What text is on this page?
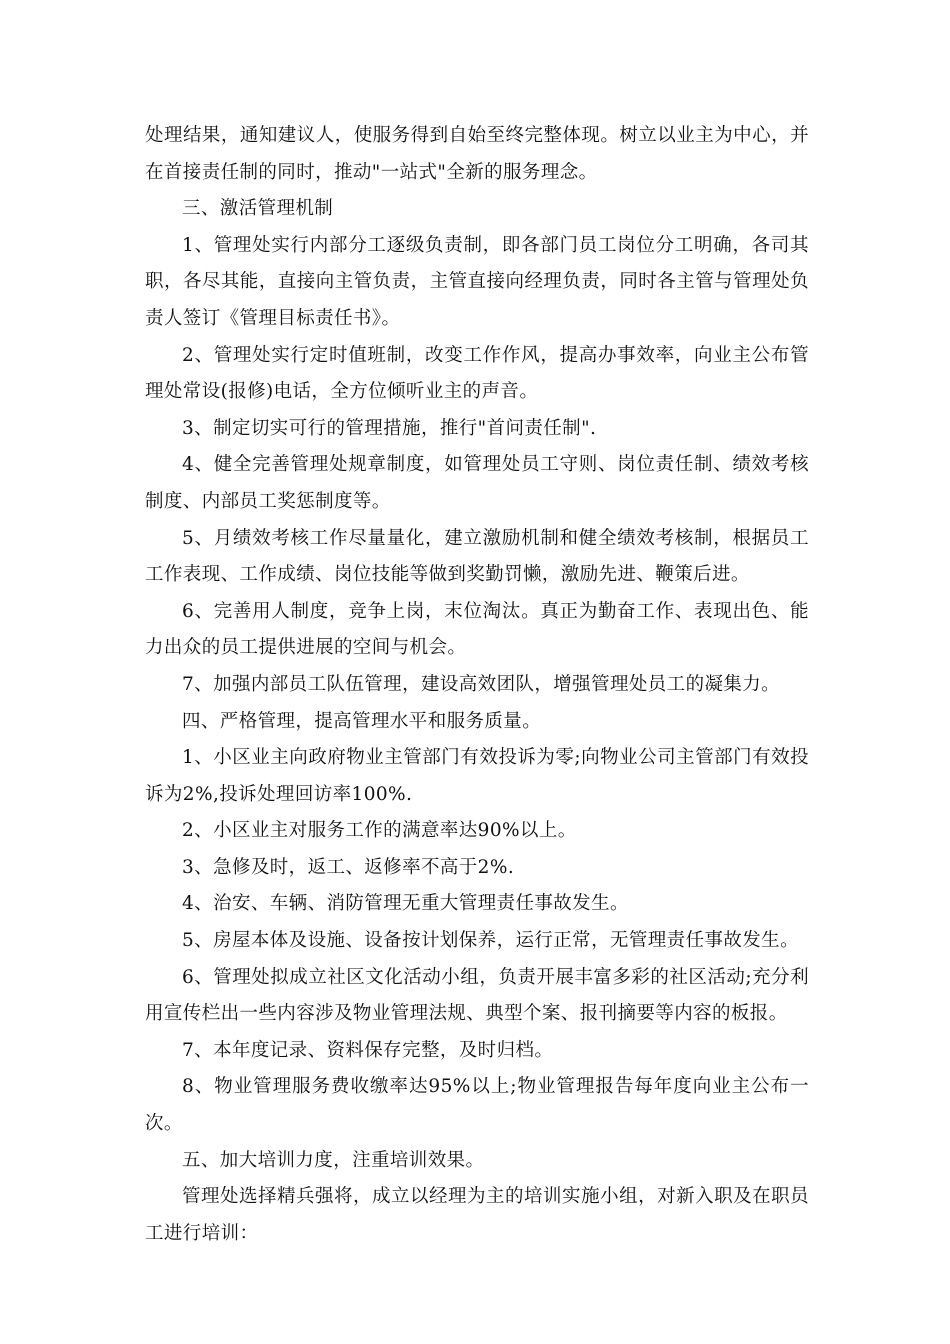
处理结果，通知建议人，使服务得到自始至终完整体现。树立以业主为中心，并在首接责任制的同时，推动"一站式"全新的服务理念。

三、激活管理机制

1、管理处实行内部分工逐级负责制，即各部门员工岗位分工明确，各司其职，各尽其能，直接向主管负责，主管直接向经理负责，同时各主管与管理处负责人签订《管理目标责任书》。

2、管理处实行定时值班制，改变工作作风，提高办事效率，向业主公布管理处常设(报修)电话，全方位倾听业主的声音。

3、制定切实可行的管理措施，推行"首问责任制".

4、健全完善管理处规章制度，如管理处员工守则、岗位责任制、绩效考核制度、内部员工奖惩制度等。

5、月绩效考核工作尽量量化，建立激励机制和健全绩效考核制，根据员工工作表现、工作成绩、岗位技能等做到奖勤罚懒，激励先进、鞭策后进。

6、完善用人制度，竞争上岗，末位淘汰。真正为勤奋工作、表现出色、能力出众的员工提供进展的空间与机会。

7、加强内部员工队伍管理，建设高效团队，增强管理处员工的凝集力。

四、严格管理，提高管理水平和服务质量。

1、小区业主向政府物业主管部门有效投诉为零;向物业公司主管部门有效投诉为2%,投诉处理回访率100%.

2、小区业主对服务工作的满意率达90%以上。

3、急修及时，返工、返修率不高于2%.

4、治安、车辆、消防管理无重大管理责任事故发生。

5、房屋本体及设施、设备按计划保养，运行正常，无管理责任事故发生。

6、管理处拟成立社区文化活动小组，负责开展丰富多彩的社区活动;充分利用宣传栏出一些内容涉及物业管理法规、典型个案、报刊摘要等内容的板报。

7、本年度记录、资料保存完整，及时归档。

8、物业管理服务费收缴率达95%以上;物业管理报告每年度向业主公布一次。

五、加大培训力度，注重培训效果。

管理处选择精兵强将，成立以经理为主的培训实施小组，对新入职及在职员工进行培训：
